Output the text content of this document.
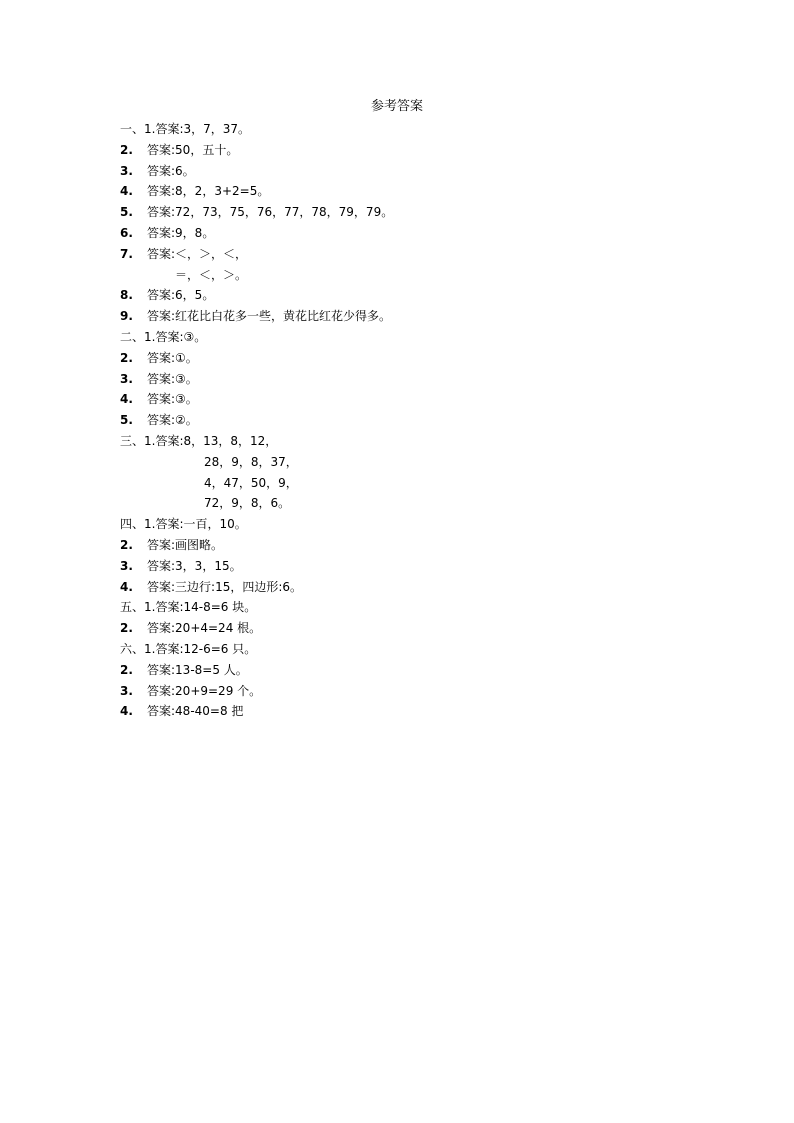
参考答案
一、1.答案:3，7，37。
2. 答案:50，五十。
3. 答案:6。
4. 答案:8，2，3+2=5。
5. 答案:72，73，75，76，77，78，79，79。
6. 答案:9，8。
7. 答案:＜，＞，＜，
＝，＜，＞。
8. 答案:6，5。
9. 答案:红花比白花多一些，黄花比红花少得多。
二、1.答案:③。
2. 答案:①。
3. 答案:③。
4. 答案:③。
5. 答案:②。
三、1.答案:8，13，8，12，
28，9，8，37，
4，47，50，9，
72，9，8，6。
四、1.答案:一百，10。
2. 答案:画图略。
3. 答案:3，3，15。
4. 答案:三边行:15，四边形:6。
五、1.答案:14-8=6 块。
2. 答案:20+4=24 根。
六、1.答案:12-6=6 只。
2. 答案:13-8=5 人。
3. 答案:20+9=29 个。
4. 答案:48-40=8 把
